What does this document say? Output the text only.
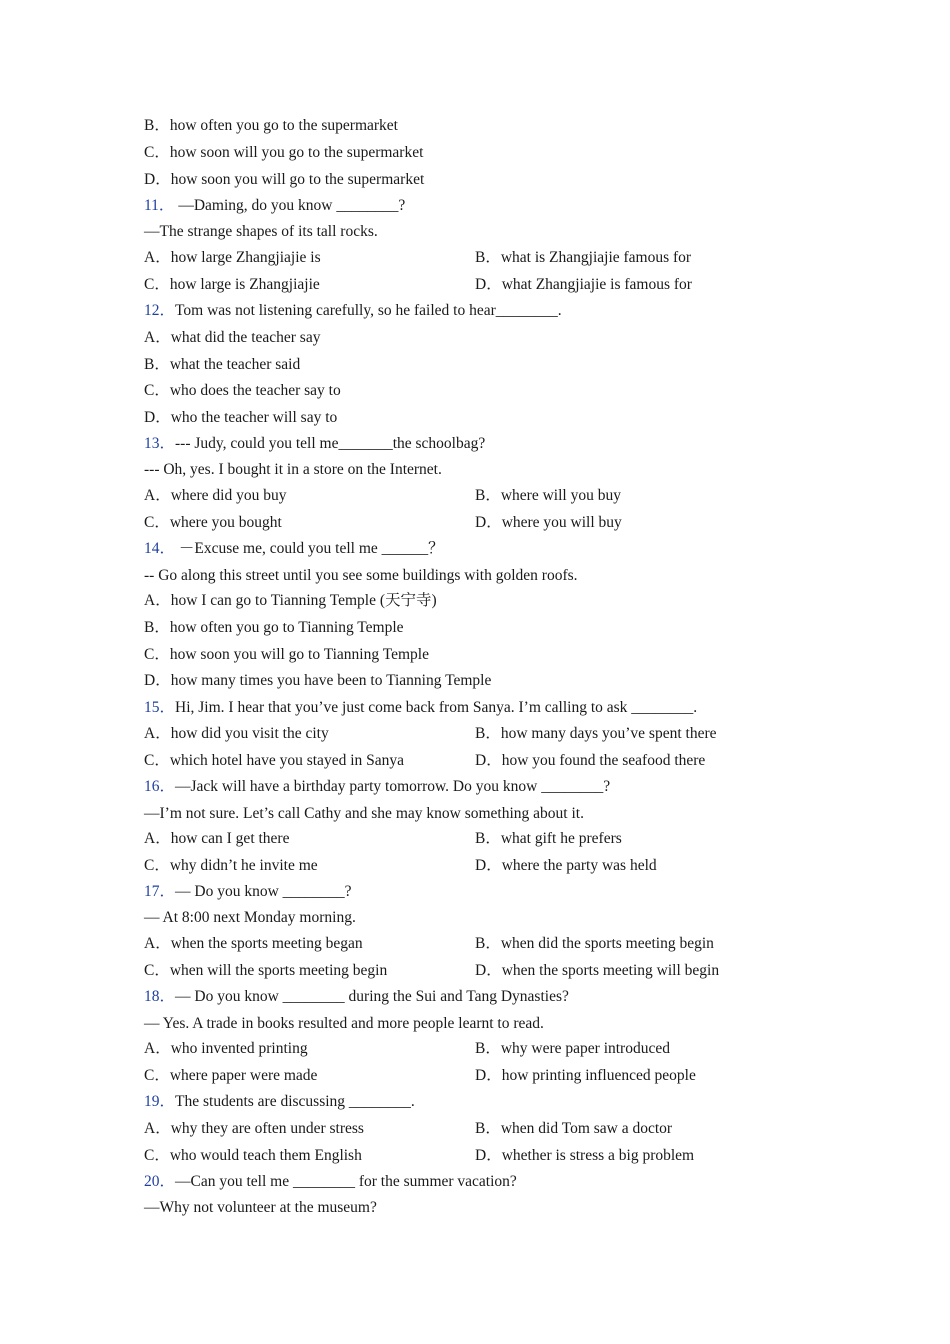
B．how often you go to the supermarket
C．how soon will you go to the supermarket
D．how soon you will go to the supermarket
11． —Daming, do you know ________?
—The strange shapes of its tall rocks.
A．how large Zhangjiajie is	B．what is Zhangjiajie famous for
C．how large is Zhangjiajie	D．what Zhangjiajie is famous for
12．Tom was not listening carefully, so he failed to hear________.
A．what did the teacher say
B．what the teacher said
C．who does the teacher say to
D．who the teacher will say to
13．--- Judy, could you tell me_______the schoolbag?
--- Oh, yes. I bought it in a store on the Internet.
A．where did you buy	B．where will you buy
C．where you bought	D．where you will buy
14． －Excuse me, could you tell me ______？
-- Go along this street until you see some buildings with golden roofs.
A．how I can go to Tianning Temple (天宁寺)
B．how often you go to Tianning Temple
C．how soon you will go to Tianning Temple
D．how many times you have been to Tianning Temple
15．Hi, Jim. I hear that you’ve just come back from Sanya. I’m calling to ask ________.
A．how did you visit the city	B．how many days you’ve spent there
C．which hotel have you stayed in Sanya	D．how you found the seafood there
16．—Jack will have a birthday party tomorrow. Do you know ________?
—I’m not sure. Let’s call Cathy and she may know something about it.
A．how can I get there	B．what gift he prefers
C．why didn’t he invite me	D．where the party was held
17．— Do you know ________?
— At 8:00 next Monday morning.
A．when the sports meeting began	B．when did the sports meeting begin
C．when will the sports meeting begin	D．when the sports meeting will begin
18．— Do you know ________ during the Sui and Tang Dynasties?
— Yes. A trade in books resulted and more people learnt to read.
A．who invented printing	B．why were paper introduced
C．where paper were made	D．how printing influenced people
19．The students are discussing ________.
A．why they are often under stress	B．when did Tom saw a doctor
C．who would teach them English	D．whether is stress a big problem
20．—Can you tell me ________ for the summer vacation?
—Why not volunteer at the museum?
